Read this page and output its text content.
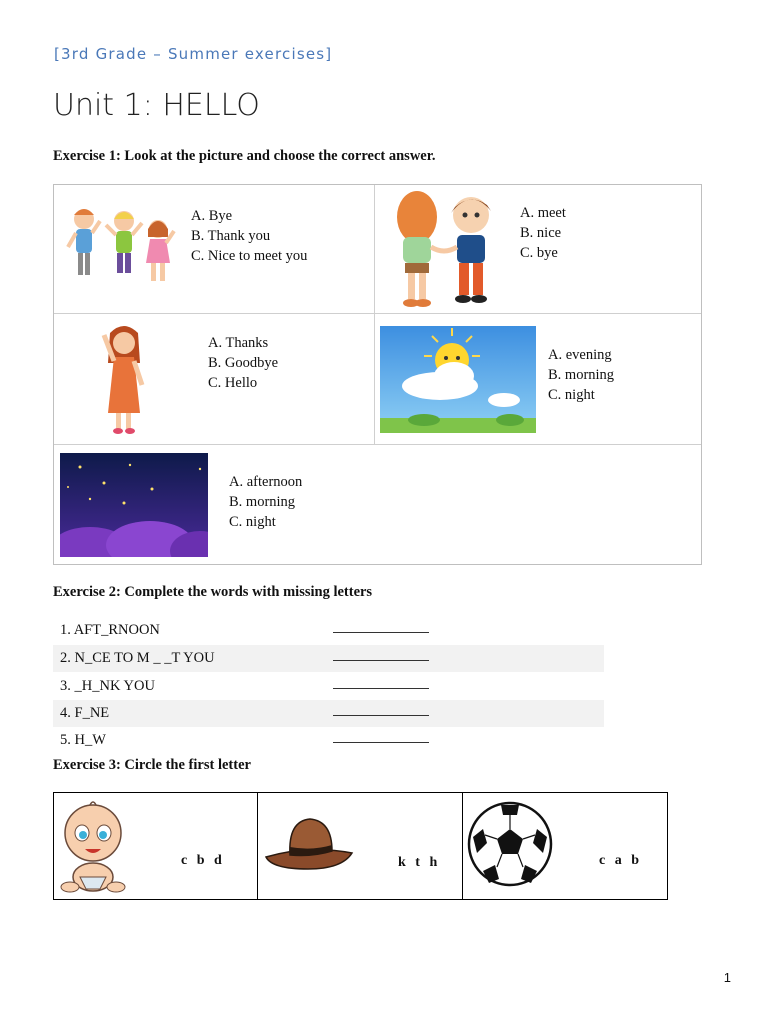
[3rd Grade – Summer exercises]
Unit 1: HELLO
Exercise 1: Look at the picture and choose the correct answer.
A. Bye
B. Thank you
C. Nice to meet you
A. meet
B. nice
C. bye
A. Thanks
B. Goodbye
C. Hello
A. evening
B. morning
C. night
A. afternoon
B. morning
C. night
Exercise 2: Complete the words with missing letters
1. AFT_RNOON
2. N_CE TO M _ _T YOU
3. _H_NK YOU
4. F_NE
5. H_W
Exercise 3: Circle the first letter
c b d	k t h	c a b
1
